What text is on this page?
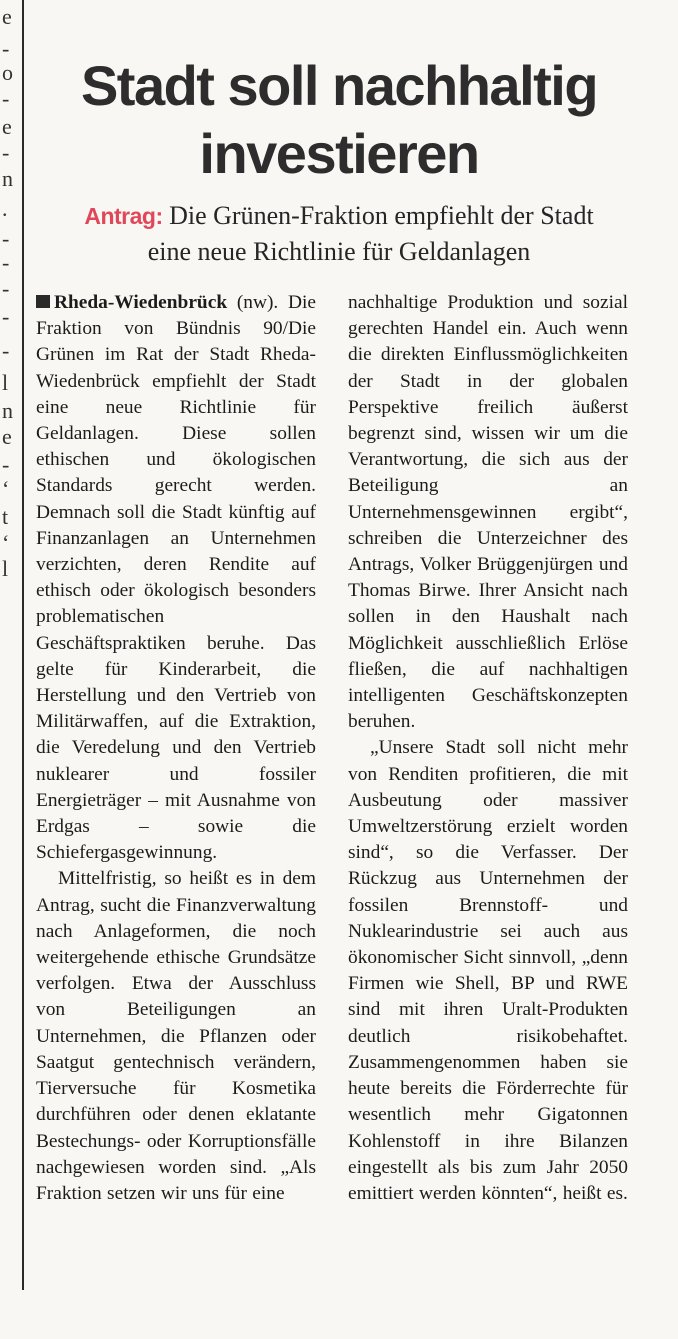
e
-
o
-
e
-
n
.
-
-
-
-
-
l
n
e
-
‘
t
‘
l
Stadt soll nachhaltig
investieren
Antrag: Die Grünen-Fraktion empfiehlt der Stadt
eine neue Richtlinie für Geldanlagen

Rheda-Wiedenbrück (nw). Die Fraktion von Bündnis 90/Die Grünen im Rat der Stadt Rheda-Wiedenbrück empfiehlt der Stadt eine neue Richtlinie für Geldanlagen. Diese sollen ethischen und ökologischen Standards gerecht werden. Demnach soll die Stadt künftig auf Finanzanlagen an Unternehmen verzichten, deren Rendite auf ethisch oder ökologisch besonders problematischen Geschäftspraktiken beruhe. Das gelte für Kinderarbeit, die Herstellung und den Vertrieb von Militärwaffen, auf die Extraktion, die Veredelung und den Vertrieb nuklearer und fossiler Energieträger – mit Ausnahme von Erdgas – sowie die Schiefergasgewinnung.

Mittelfristig, so heißt es in dem Antrag, sucht die Finanzverwaltung nach Anlageformen, die noch weitergehende ethische Grundsätze verfolgen. Etwa der Ausschluss von Beteiligungen an Unternehmen, die Pflanzen oder Saatgut gentechnisch verändern, Tierversuche für Kosmetika durchführen oder denen eklatante Bestechungs- oder Korruptionsfälle nachgewiesen worden sind. „Als Fraktion setzen wir uns für eine

nachhaltige Produktion und sozial gerechten Handel ein. Auch wenn die direkten Einflussmöglichkeiten der Stadt in der globalen Perspektive freilich äußerst begrenzt sind, wissen wir um die Verantwortung, die sich aus der Beteiligung an Unternehmensgewinnen ergibt“, schreiben die Unterzeichner des Antrags, Volker Brüggenjürgen und Thomas Birwe. Ihrer Ansicht nach sollen in den Haushalt nach Möglichkeit ausschließlich Erlöse fließen, die auf nachhaltigen intelligenten Geschäftskonzepten beruhen.

„Unsere Stadt soll nicht mehr von Renditen profitieren, die mit Ausbeutung oder massiver Umweltzerstörung erzielt worden sind“, so die Verfasser. Der Rückzug aus Unternehmen der fossilen Brennstoff- und Nuklearindustrie sei auch aus ökonomischer Sicht sinnvoll, „denn Firmen wie Shell, BP und RWE sind mit ihren Uralt-Produkten deutlich risikobehaftet. Zusammengenommen haben sie heute bereits die Förderrechte für wesentlich mehr Gigatonnen Kohlenstoff in ihre Bilanzen eingestellt als bis zum Jahr 2050 emittiert werden könnten“, heißt es.
